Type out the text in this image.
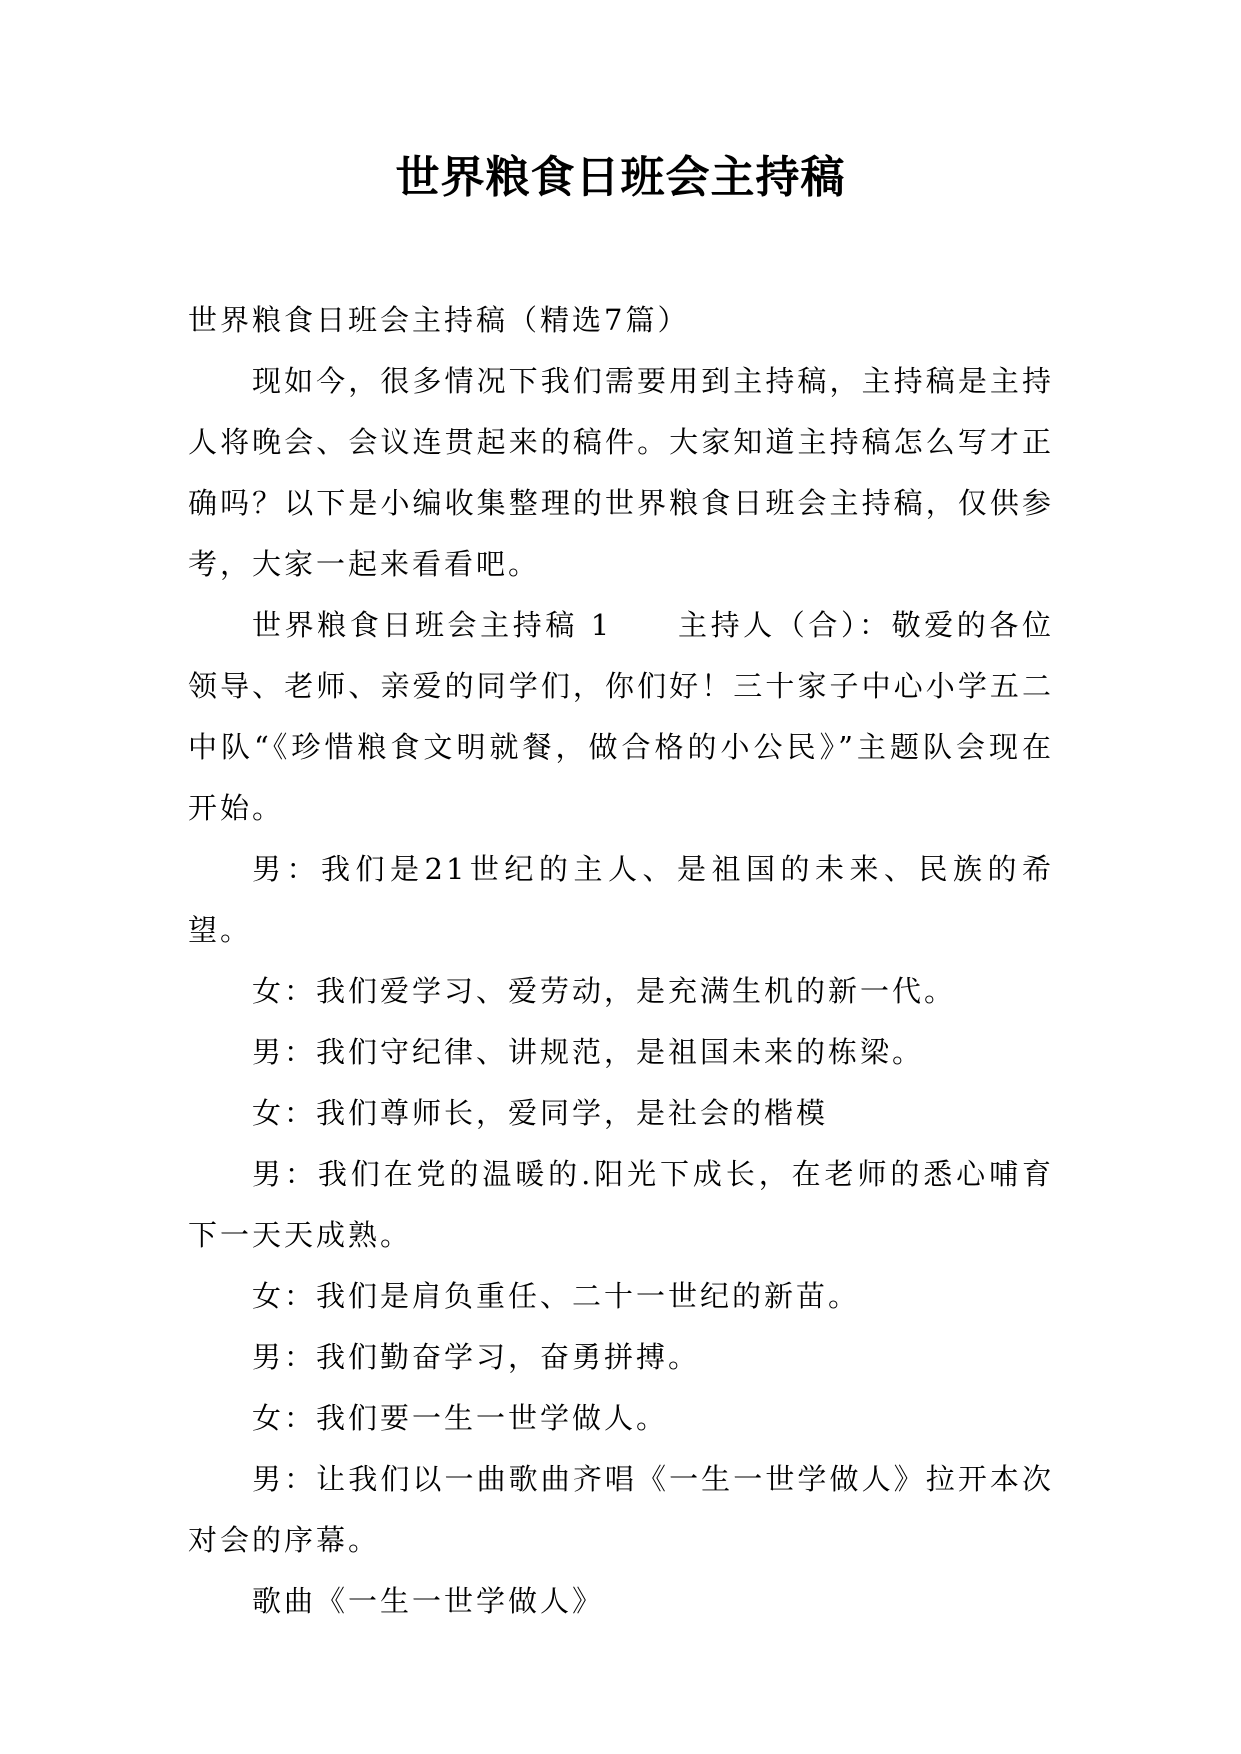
世界粮食日班会主持稿

世界粮食日班会主持稿（精选7篇）

现如今，很多情况下我们需要用到主持稿，主持稿是主持人将晚会、会议连贯起来的稿件。大家知道主持稿怎么写才正确吗？以下是小编收集整理的世界粮食日班会主持稿，仅供参考，大家一起来看看吧。

世界粮食日班会主持稿 1　　主持人（合）：敬爱的各位领导、老师、亲爱的同学们，你们好！三十家子中心小学五二中队“《珍惜粮食文明就餐，做合格的小公民》”主题队会现在开始。

男：我们是21世纪的主人、是祖国的未来、民族的希望。

女：我们爱学习、爱劳动，是充满生机的新一代。

男：我们守纪律、讲规范，是祖国未来的栋梁。

女：我们尊师长，爱同学，是社会的楷模

男：我们在党的温暖的.阳光下成长，在老师的悉心哺育下一天天成熟。

女：我们是肩负重任、二十一世纪的新苗。

男：我们勤奋学习，奋勇拼搏。

女：我们要一生一世学做人。

男：让我们以一曲歌曲齐唱《一生一世学做人》拉开本次对会的序幕。

歌曲《一生一世学做人》
